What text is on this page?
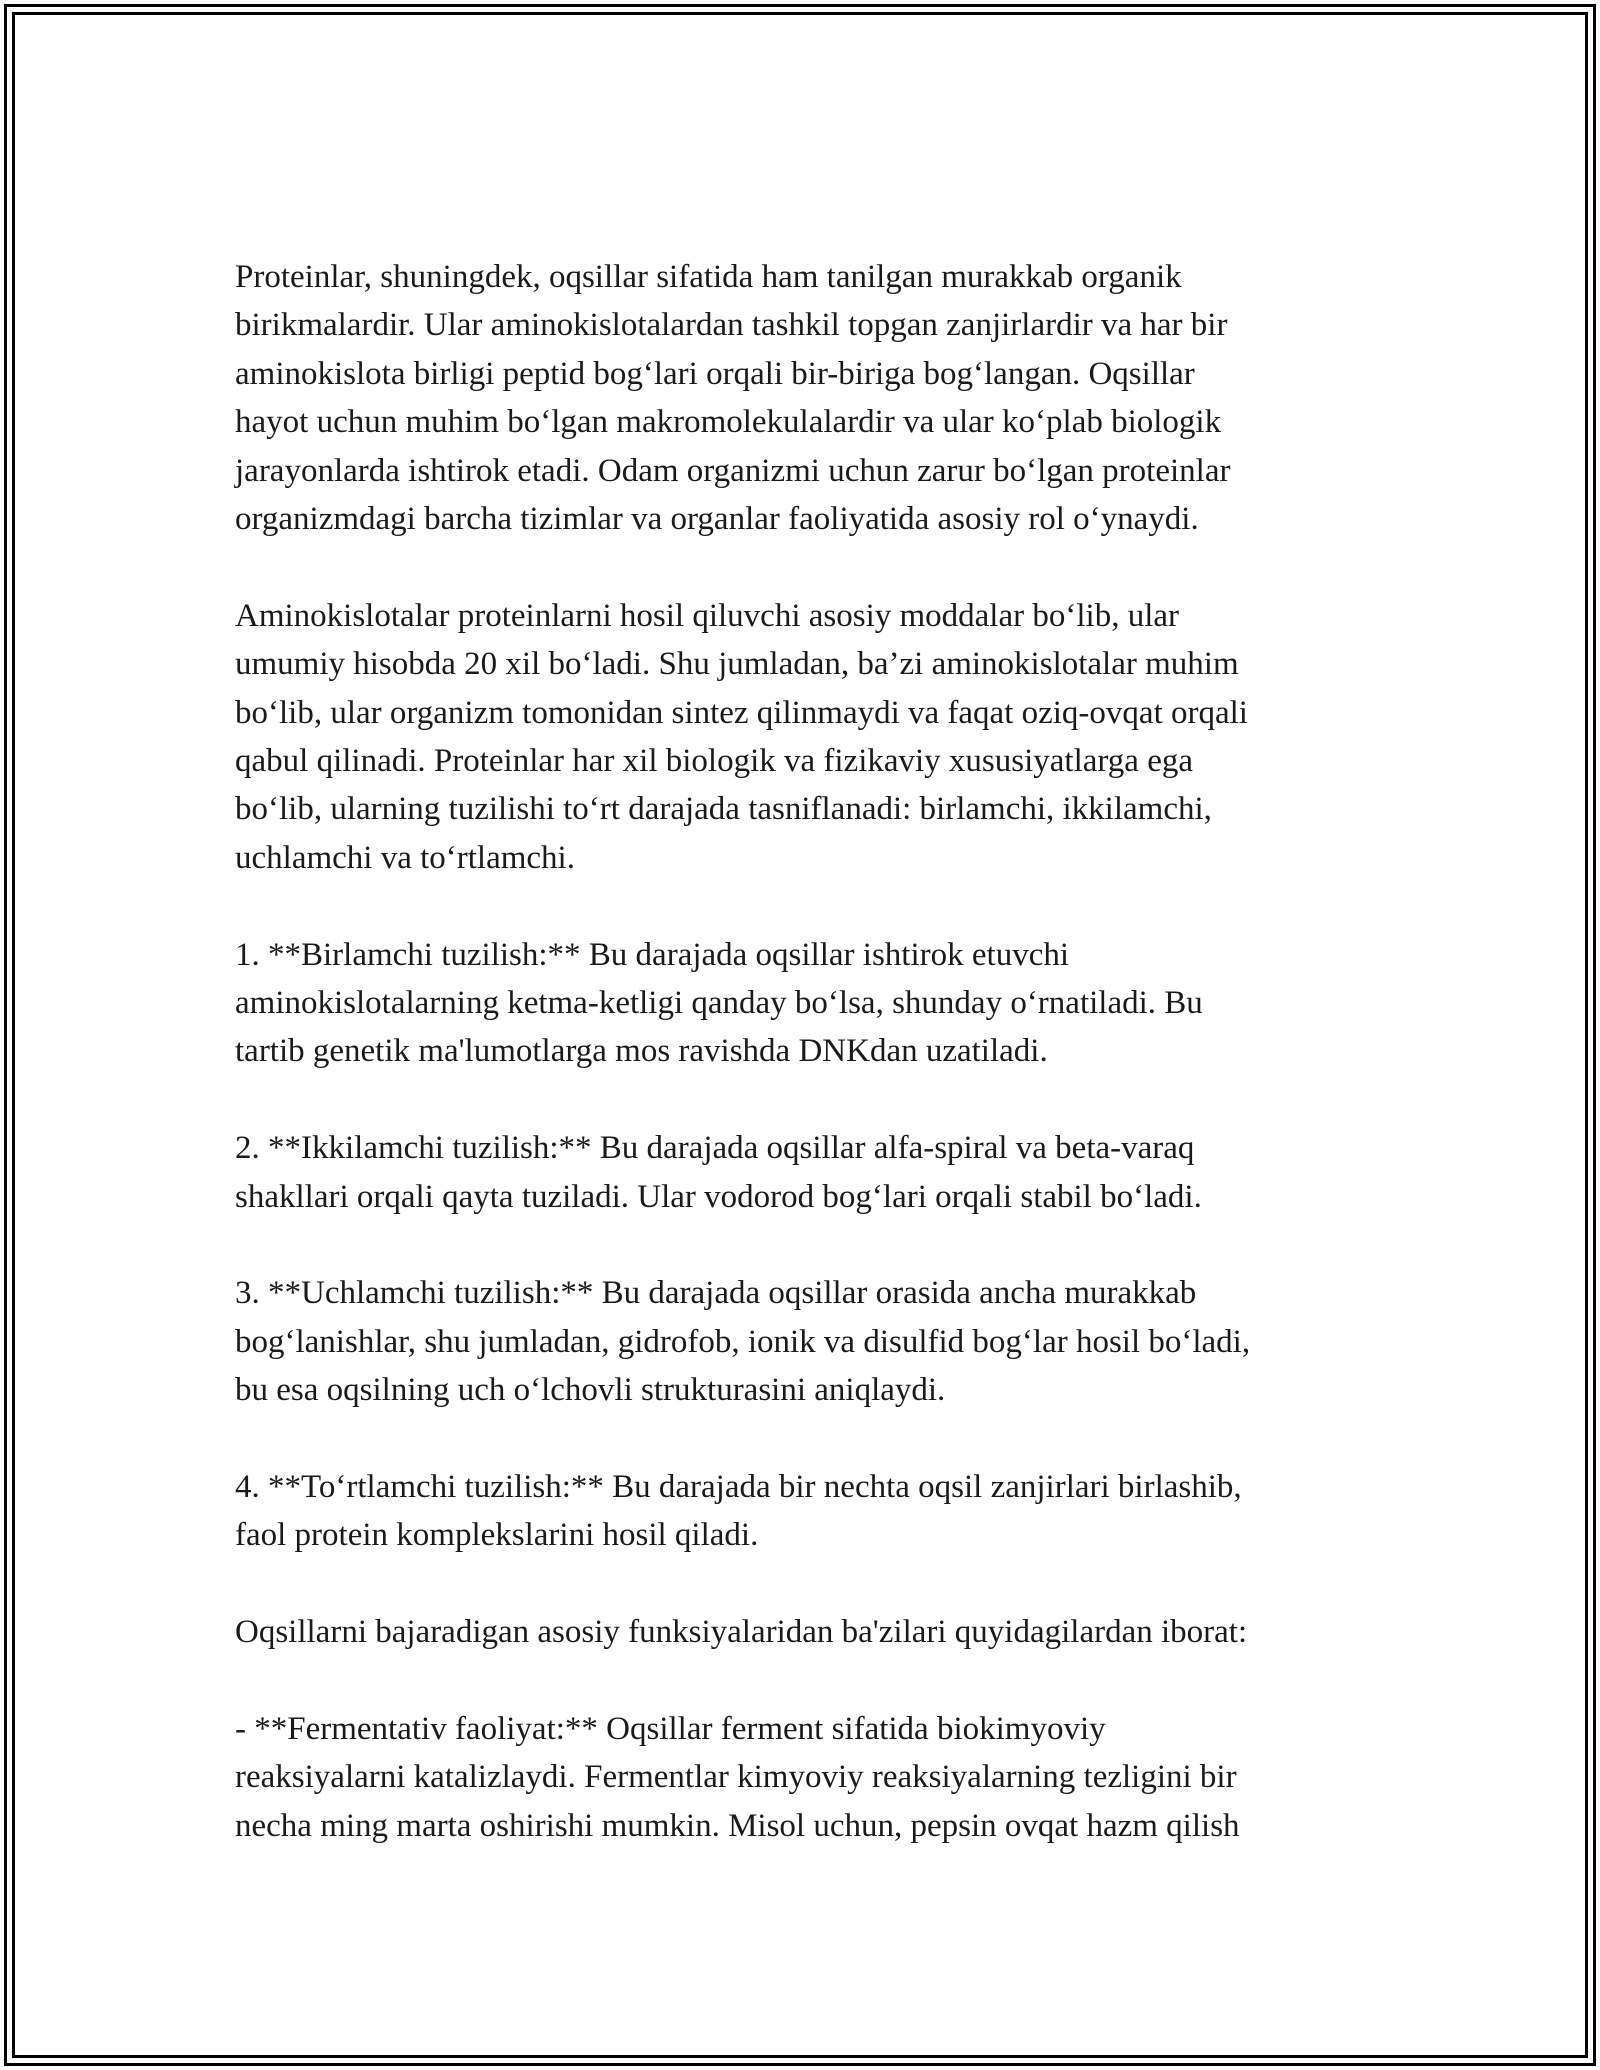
Proteinlar, shuningdek, oqsillar sifatida ham tanilgan murakkab organik
birikmalardir. Ular aminokislotalardan tashkil topgan zanjirlardir va har bir
aminokislota birligi peptid bog‘lari orqali bir-biriga bog‘langan. Oqsillar
hayot uchun muhim bo‘lgan makromolekulalardir va ular ko‘plab biologik
jarayonlarda ishtirok etadi. Odam organizmi uchun zarur bo‘lgan proteinlar
organizmdagi barcha tizimlar va organlar faoliyatida asosiy rol o‘ynaydi.

Aminokislotalar proteinlarni hosil qiluvchi asosiy moddalar bo‘lib, ular
umumiy hisobda 20 xil bo‘ladi. Shu jumladan, ba’zi aminokislotalar muhim
bo‘lib, ular organizm tomonidan sintez qilinmaydi va faqat oziq-ovqat orqali
qabul qilinadi. Proteinlar har xil biologik va fizikaviy xususiyatlarga ega
bo‘lib, ularning tuzilishi to‘rt darajada tasniflanadi: birlamchi, ikkilamchi,
uchlamchi va to‘rtlamchi.

1. **Birlamchi tuzilish:** Bu darajada oqsillar ishtirok etuvchi
aminokislotalarning ketma-ketligi qanday bo‘lsa, shunday o‘rnatiladi. Bu
tartib genetik ma'lumotlarga mos ravishda DNKdan uzatiladi.

2. **Ikkilamchi tuzilish:** Bu darajada oqsillar alfa-spiral va beta-varaq
shakllari orqali qayta tuziladi. Ular vodorod bog‘lari orqali stabil bo‘ladi.

3. **Uchlamchi tuzilish:** Bu darajada oqsillar orasida ancha murakkab
bog‘lanishlar, shu jumladan, gidrofob, ionik va disulfid bog‘lar hosil bo‘ladi,
bu esa oqsilning uch o‘lchovli strukturasini aniqlaydi.

4. **To‘rtlamchi tuzilish:** Bu darajada bir nechta oqsil zanjirlari birlashib,
faol protein komplekslarini hosil qiladi.

Oqsillarni bajaradigan asosiy funksiyalaridan ba'zilari quyidagilardan iborat:

- **Fermentativ faoliyat:** Oqsillar ferment sifatida biokimyoviy
reaksiyalarni katalizlaydi. Fermentlar kimyoviy reaksiyalarning tezligini bir
necha ming marta oshirishi mumkin. Misol uchun, pepsin ovqat hazm qilish
